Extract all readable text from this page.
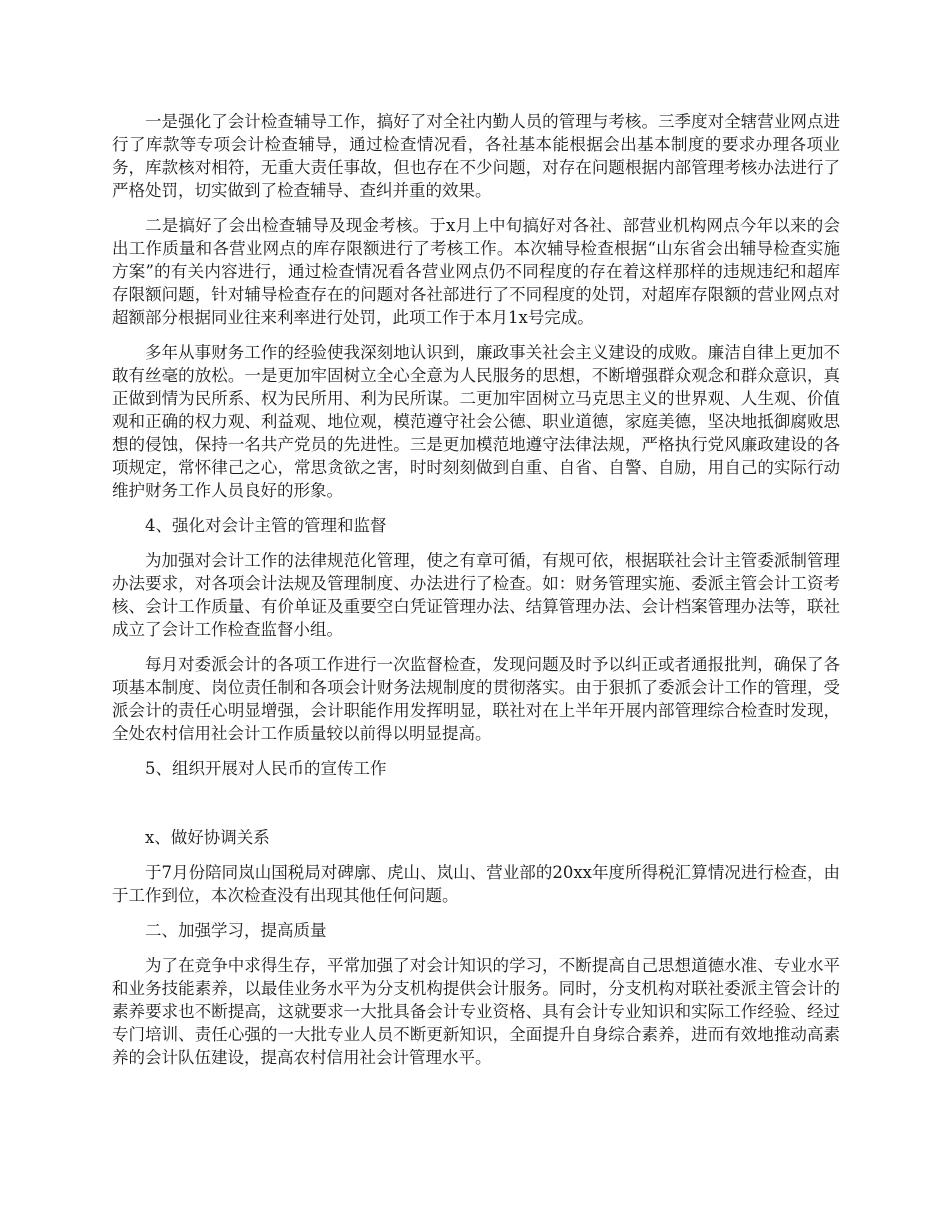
一是强化了会计检查辅导工作，搞好了对全社内勤人员的管理与考核。三季度对全辖营业网点进行了库款等专项会计检查辅导，通过检查情况看，各社基本能根据会出基本制度的要求办理各项业务，库款核对相符，无重大责任事故，但也存在不少问题，对存在问题根据内部管理考核办法进行了严格处罚，切实做到了检查辅导、查纠并重的效果。

二是搞好了会出检查辅导及现金考核。于x月上中旬搞好对各社、部营业机构网点今年以来的会出工作质量和各营业网点的库存限额进行了考核工作。本次辅导检查根据“山东省会出辅导检查实施方案”的有关内容进行，通过检查情况看各营业网点仍不同程度的存在着这样那样的违规违纪和超库存限额问题，针对辅导检查存在的问题对各社部进行了不同程度的处罚，对超库存限额的营业网点对超额部分根据同业往来利率进行处罚，此项工作于本月1x号完成。

多年从事财务工作的经验使我深刻地认识到，廉政事关社会主义建设的成败。廉洁自律上更加不敢有丝毫的放松。一是更加牢固树立全心全意为人民服务的思想，不断增强群众观念和群众意识，真正做到情为民所系、权为民所用、利为民所谋。二更加牢固树立马克思主义的世界观、人生观、价值观和正确的权力观、利益观、地位观，模范遵守社会公德、职业道德，家庭美德，坚决地抵御腐败思想的侵蚀，保持一名共产党员的先进性。三是更加模范地遵守法律法规，严格执行党风廉政建设的各项规定，常怀律己之心，常思贪欲之害，时时刻刻做到自重、自省、自警、自励，用自己的实际行动维护财务工作人员良好的形象。

4、强化对会计主管的管理和监督

为加强对会计工作的法律规范化管理，使之有章可循，有规可依，根据联社会计主管委派制管理办法要求，对各项会计法规及管理制度、办法进行了检查。如：财务管理实施、委派主管会计工资考核、会计工作质量、有价单证及重要空白凭证管理办法、结算管理办法、会计档案管理办法等，联社成立了会计工作检查监督小组。

每月对委派会计的各项工作进行一次监督检查，发现问题及时予以纠正或者通报批判，确保了各项基本制度、岗位责任制和各项会计财务法规制度的贯彻落实。由于狠抓了委派会计工作的管理，受派会计的责任心明显增强，会计职能作用发挥明显，联社对在上半年开展内部管理综合检查时发现，全处农村信用社会计工作质量较以前得以明显提高。

5、组织开展对人民币的宣传工作

x、做好协调关系

于7月份陪同岚山国税局对碑廓、虎山、岚山、营业部的20xx年度所得税汇算情况进行检查，由于工作到位，本次检查没有出现其他任何问题。

二、加强学习，提高质量

为了在竞争中求得生存，平常加强了对会计知识的学习，不断提高自己思想道德水准、专业水平和业务技能素养，以最佳业务水平为分支机构提供会计服务。同时，分支机构对联社委派主管会计的素养要求也不断提高，这就要求一大批具备会计专业资格、具有会计专业知识和实际工作经验、经过专门培训、责任心强的一大批专业人员不断更新知识，全面提升自身综合素养，进而有效地推动高素养的会计队伍建设，提高农村信用社会计管理水平。
